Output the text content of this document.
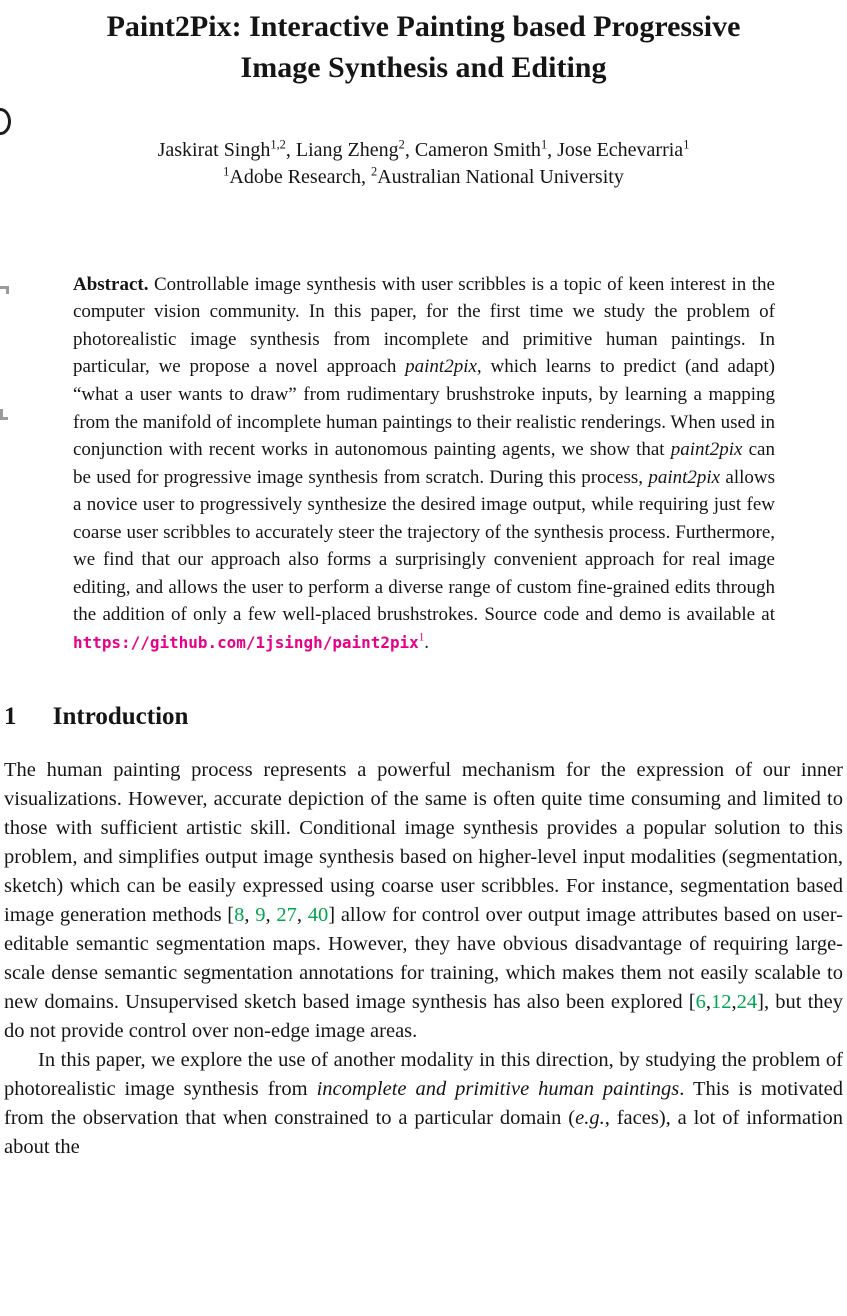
Paint2Pix: Interactive Painting based Progressive
Image Synthesis and Editing
Jaskirat Singh$^{1,2}$, Liang Zheng$^2$, Cameron Smith$^1$, Jose Echevarria$^1$
$^1$Adobe Research, $^2$Australian National University
Abstract. Controllable image synthesis with user scribbles is a topic of keen interest in the computer vision community. In this paper, for the first time we study the problem of photorealistic image synthesis from incomplete and primitive human paintings. In particular, we propose a novel approach paint2pix, which learns to predict (and adapt) “what a user wants to draw” from rudimentary brushstroke inputs, by learning a mapping from the manifold of incomplete human paintings to their realistic renderings. When used in conjunction with recent works in autonomous painting agents, we show that paint2pix can be used for progressive image synthesis from scratch. During this process, paint2pix allows a novice user to progressively synthesize the desired image output, while requiring just few coarse user scribbles to accurately steer the trajectory of the synthesis process. Furthermore, we find that our approach also forms a surprisingly convenient approach for real image editing, and allows the user to perform a diverse range of custom fine-grained edits through the addition of only a few well-placed brushstrokes. Source code and demo is available at https://github.com/1jsingh/paint2pix$^1$.
1 Introduction

The human painting process represents a powerful mechanism for the expression of our inner visualizations. However, accurate depiction of the same is often quite time consuming and limited to those with sufficient artistic skill. Conditional image synthesis provides a popular solution to this problem, and simplifies output image synthesis based on higher-level input modalities (segmentation, sketch) which can be easily expressed using coarse user scribbles. For instance, segmentation based image generation methods [8, 9, 27, 40] allow for control over output image attributes based on user-editable semantic segmentation maps. However, they have obvious disadvantage of requiring large-scale dense semantic segmentation annotations for training, which makes them not easily scalable to new domains. Unsupervised sketch based image synthesis has also been explored [6,12,24], but they do not provide control over non-edge image areas.

In this paper, we explore the use of another modality in this direction, by studying the problem of photorealistic image synthesis from incomplete and primitive human paintings. This is motivated from the observation that when constrained to a particular domain (e.g., faces), a lot of information about the
